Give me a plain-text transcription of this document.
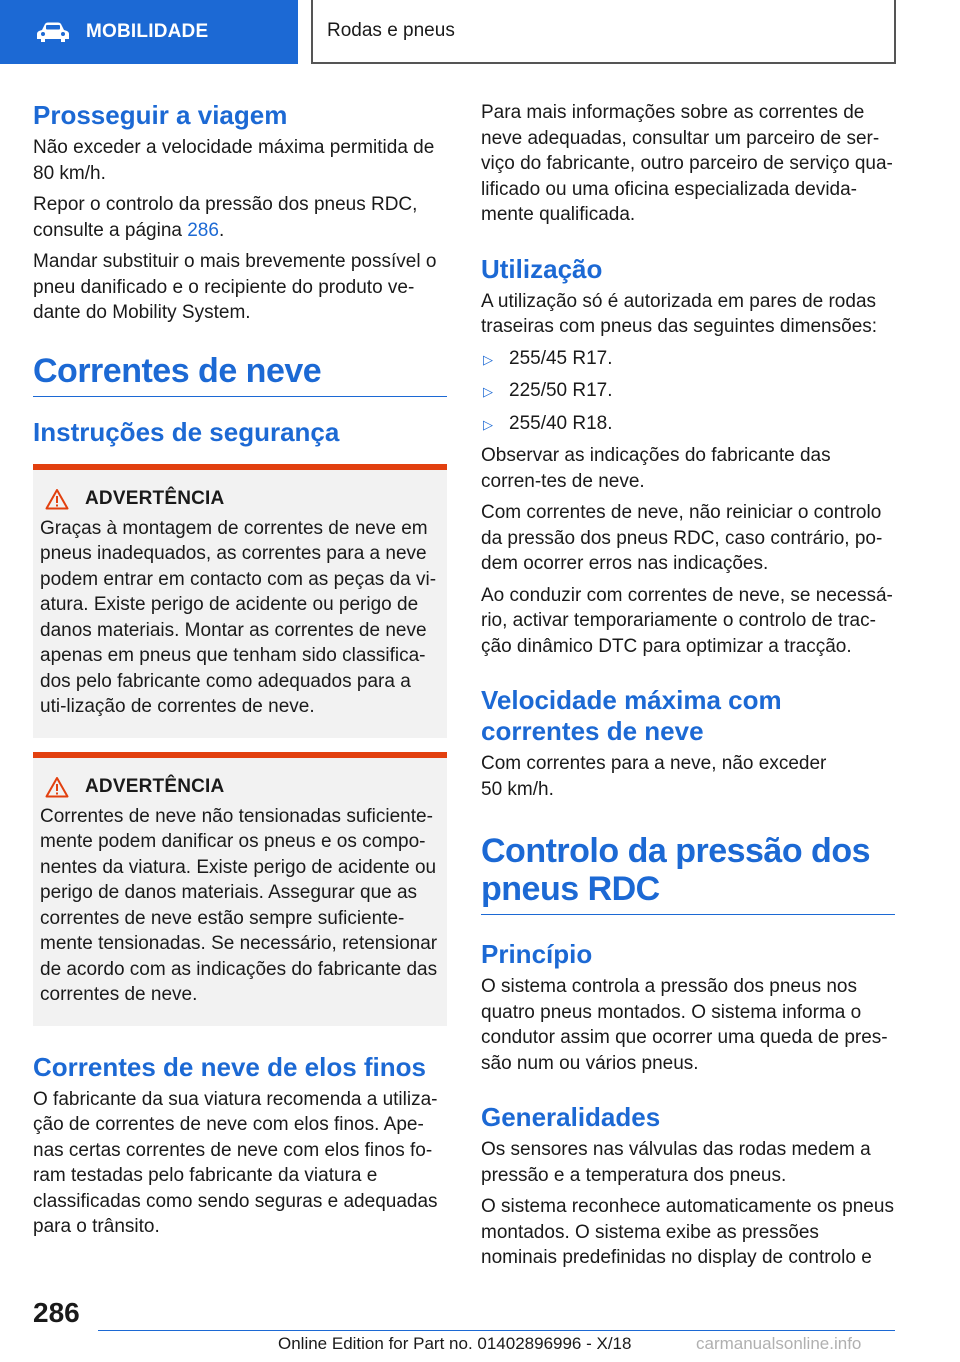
MOBILIDADE	Rodas e pneus
Prosseguir a viagem

Não exceder a velocidade máxima permitida de 80 km/h.

Repor o controlo da pressão dos pneus RDC, consulte a página 286.

Mandar substituir o mais brevemente possível o pneu danificado e o recipiente do produto ve-dante do Mobility System.

Correntes de neve
Instruções de segurança
ADVERTÊNCIA

Graças à montagem de correntes de neve em pneus inadequados, as correntes para a neve podem entrar em contacto com as peças da vi-atura. Existe perigo de acidente ou perigo de danos materiais. Montar as correntes de neve apenas em pneus que tenham sido classifica-dos pelo fabricante como adequados para a uti-lização de correntes de neve.

ADVERTÊNCIA

Correntes de neve não tensionadas suficiente-mente podem danificar os pneus e os compo-nentes da viatura. Existe perigo de acidente ou perigo de danos materiais. Assegurar que as correntes de neve estão sempre suficiente-mente tensionadas. Se necessário, retensionar de acordo com as indicações do fabricante das correntes de neve.

Correntes de neve de elos finos

O fabricante da sua viatura recomenda a utiliza-ção de correntes de neve com elos finos. Ape-nas certas correntes de neve com elos finos fo-ram testadas pelo fabricante da viatura e classificadas como sendo seguras e adequadas para o trânsito.

Para mais informações sobre as correntes de neve adequadas, consultar um parceiro de ser-viço do fabricante, outro parceiro de serviço qua-lificado ou uma oficina especializada devida-mente qualificada.

Utilização

A utilização só é autorizada em pares de rodas traseiras com pneus das seguintes dimensões:

▷ 255/45 R17.
▷ 225/50 R17.
▷ 255/40 R18.

Observar as indicações do fabricante das corren-tes de neve.

Com correntes de neve, não reiniciar o controlo da pressão dos pneus RDC, caso contrário, po-dem ocorrer erros nas indicações.

Ao conduzir com correntes de neve, se necessá-rio, activar temporariamente o controlo de trac-ção dinâmico DTC para optimizar a tracção.

Velocidade máxima com correntes de neve

Com correntes para a neve, não exceder 50 km/h.

Controlo da pressão dos pneus RDC
Princípio

O sistema controla a pressão dos pneus nos quatro pneus montados. O sistema informa o condutor assim que ocorrer uma queda de pres-são num ou vários pneus.

Generalidades

Os sensores nas válvulas das rodas medem a pressão e a temperatura dos pneus.

O sistema reconhece automaticamente os pneus montados. O sistema exibe as pressões nominais predefinidas no display de controlo e

286
Online Edition for Part no. 01402896996 - X/18	carmanualsonline.info
